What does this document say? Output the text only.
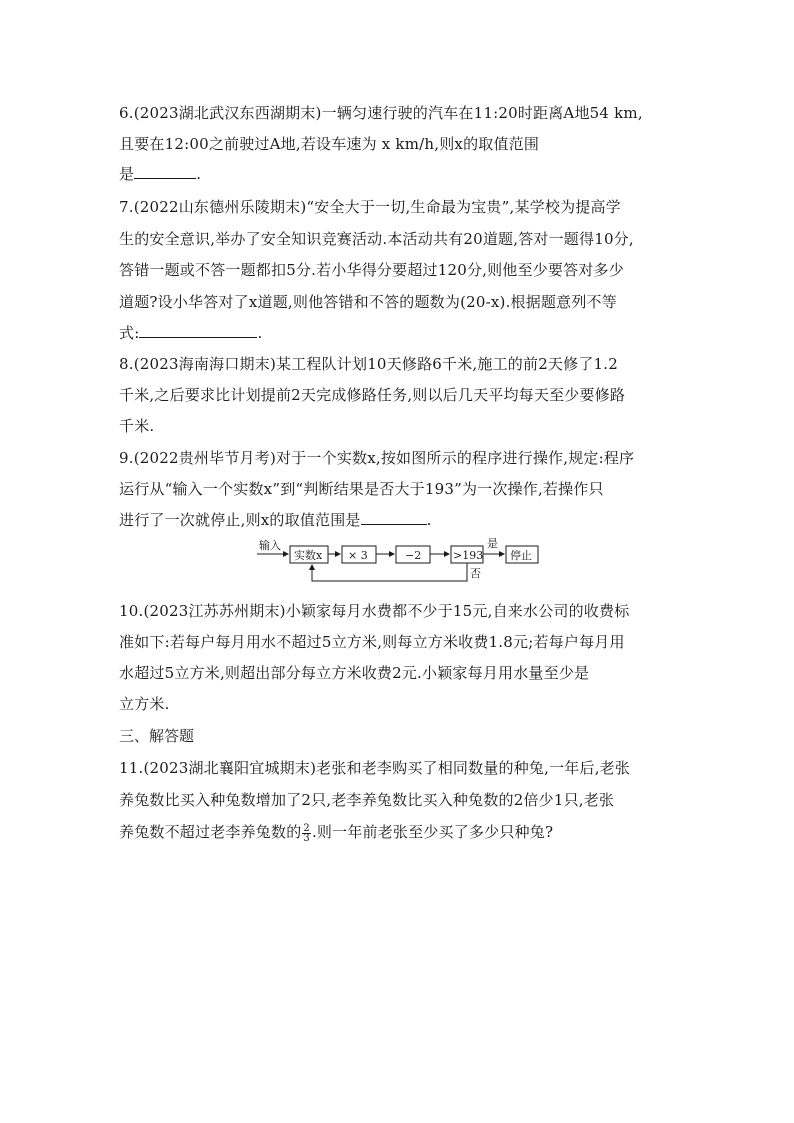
6.(2023湖北武汉东西湖期末)一辆匀速行驶的汽车在11:20时距离A地54 km,
且要在12:00之前驶过A地,若设车速为 x km/h,则x的取值范围
是	.
7.(2022山东德州乐陵期末)“安全大于一切,生命最为宝贵”,某学校为提高学
生的安全意识,举办了安全知识竞赛活动.本活动共有20道题,答对一题得10分,
答错一题或不答一题都扣5分.若小华得分要超过120分,则他至少要答对多少
道题?设小华答对了x道题,则他答错和不答的题数为(20-x).根据题意列不等
式:	.
8.(2023海南海口期末)某工程队计划10天修路6千米,施工的前2天修了1.2
千米,之后要求比计划提前2天完成修路任务,则以后几天平均每天至少要修路
千米.
9.(2022贵州毕节月考)对于一个实数x,按如图所示的程序进行操作,规定:程序
运行从“输入一个实数x”到“判断结果是否大于193”为一次操作,若操作只
进行了一次就停止,则x的取值范围是	.
输入
实数x × 3	−2	>193
是
停止
否
10.(2023江苏苏州期末)小颖家每月水费都不少于15元,自来水公司的收费标
准如下:若每户每月用水不超过5立方米,则每立方米收费1.8元;若每户每月用
水超过5立方米,则超出部分每立方米收费2元.小颖家每月用水量至少是
立方米.
三、解答题
11.(2023湖北襄阳宜城期末)老张和老李购买了相同数量的种兔,一年后,老张
养兔数比买入种兔数增加了2只,老李养兔数比买入种兔数的2倍少1只,老张
养兔数不超过老李养兔数的 $\frac{2}{3}$ .则一年前老张至少买了多少只种兔?
